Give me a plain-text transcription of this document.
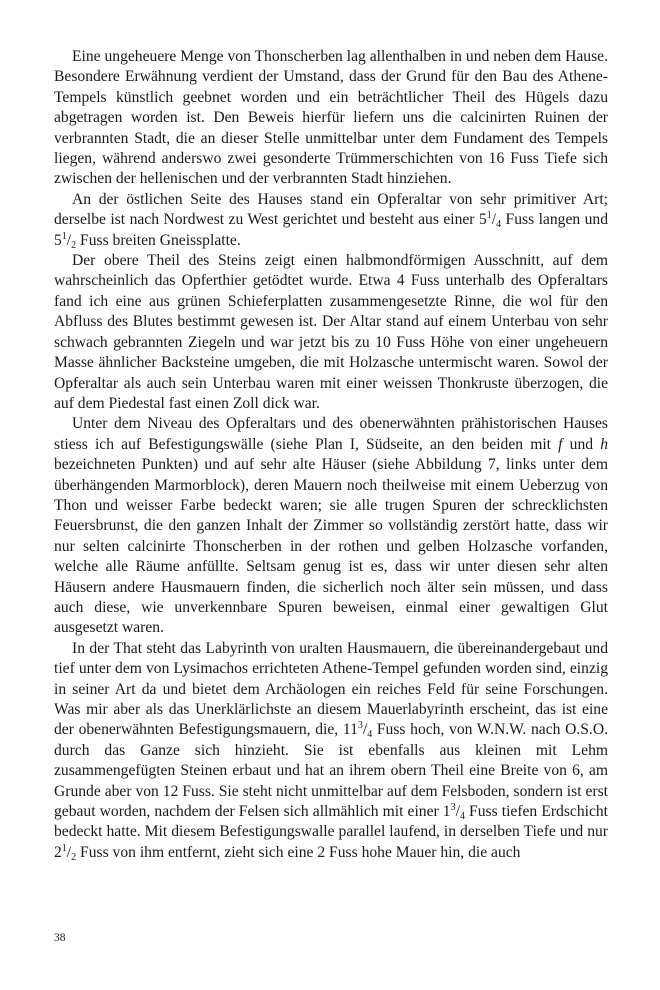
Eine ungeheuere Menge von Thonscherben lag allenthalben in und neben dem Hause. Besondere Erwähnung verdient der Umstand, dass der Grund für den Bau des Athene-Tempels künstlich geebnet worden und ein beträchtlicher Theil des Hügels dazu abgetragen worden ist. Den Beweis hierfür liefern uns die calcinirten Ruinen der verbrannten Stadt, die an dieser Stelle unmittelbar unter dem Fundament des Tempels liegen, während anderswo zwei gesonderte Trümmerschichten von 16 Fuss Tiefe sich zwischen der hellenischen und der verbrannten Stadt hinziehen.

An der östlichen Seite des Hauses stand ein Opferaltar von sehr primitiver Art; derselbe ist nach Nordwest zu West gerichtet und besteht aus einer $5^1/_4$ Fuss langen und $5^1/_2$ Fuss breiten Gneissplatte.

Der obere Theil des Steins zeigt einen halbmondförmigen Ausschnitt, auf dem wahrscheinlich das Opferthier getödtet wurde. Etwa 4 Fuss unterhalb des Opferaltars fand ich eine aus grünen Schieferplatten zusammengesetzte Rinne, die wol für den Abfluss des Blutes bestimmt gewesen ist. Der Altar stand auf einem Unterbau von sehr schwach gebrannten Ziegeln und war jetzt bis zu 10 Fuss Höhe von einer ungeheuern Masse ähnlicher Backsteine umgeben, die mit Holzasche untermischt waren. Sowol der Opferaltar als auch sein Unterbau waren mit einer weissen Thonkruste überzogen, die auf dem Piedestal fast einen Zoll dick war.

Unter dem Niveau des Opferaltars und des obenerwähnten prähistorischen Hauses stiess ich auf Befestigungswälle (siehe Plan I, Südseite, an den beiden mit f und h bezeichneten Punkten) und auf sehr alte Häuser (siehe Abbildung 7, links unter dem überhängenden Marmorblock), deren Mauern noch theilweise mit einem Ueberzug von Thon und weisser Farbe bedeckt waren; sie alle trugen Spuren der schrecklichsten Feuersbrunst, die den ganzen Inhalt der Zimmer so vollständig zerstört hatte, dass wir nur selten calcinirte Thonscherben in der rothen und gelben Holzasche vorfanden, welche alle Räume anfüllte. Seltsam genug ist es, dass wir unter diesen sehr alten Häusern andere Hausmauern finden, die sicherlich noch älter sein müssen, und dass auch diese, wie unverkennbare Spuren beweisen, einmal einer gewaltigen Glut ausgesetzt waren.

In der That steht das Labyrinth von uralten Hausmauern, die übereinandergebaut und tief unter dem von Lysimachos errichteten Athene-Tempel gefunden worden sind, einzig in seiner Art da und bietet dem Archäologen ein reiches Feld für seine Forschungen. Was mir aber als das Unerklärlichste an diesem Mauerlabyrinth erscheint, das ist eine der obenerwähnten Befestigungsmauern, die, $11^3/_4$ Fuss hoch, von W.N.W. nach O.S.O. durch das Ganze sich hinzieht. Sie ist ebenfalls aus kleinen mit Lehm zusammengefügten Steinen erbaut und hat an ihrem obern Theil eine Breite von 6, am Grunde aber von 12 Fuss. Sie steht nicht unmittelbar auf dem Felsboden, sondern ist erst gebaut worden, nachdem der Felsen sich allmählich mit einer $1^3/_4$ Fuss tiefen Erdschicht bedeckt hatte. Mit diesem Befestigungswalle parallel laufend, in derselben Tiefe und nur $2^1/_2$ Fuss von ihm entfernt, zieht sich eine 2 Fuss hohe Mauer hin, die auch

38
